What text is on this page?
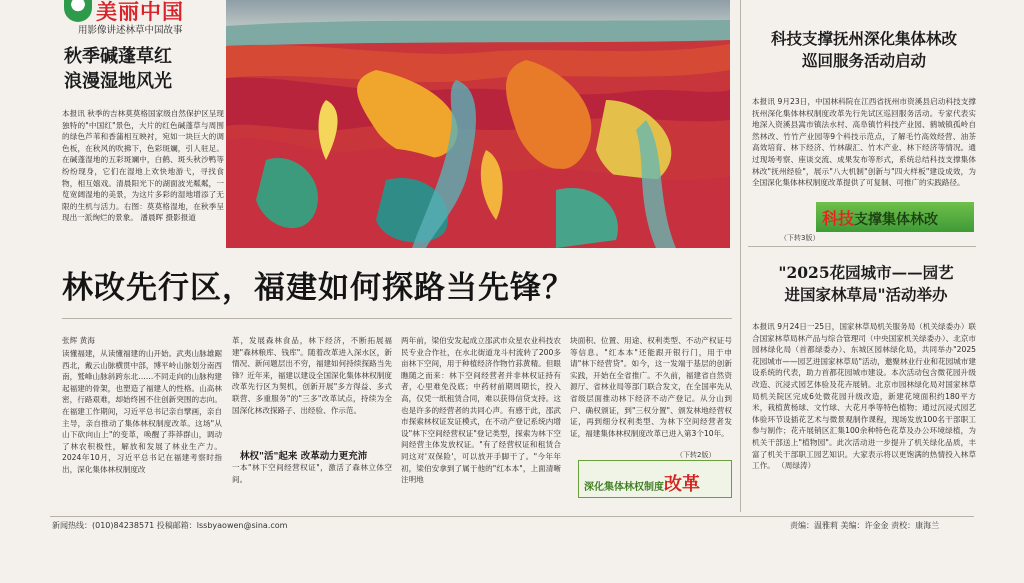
美丽中国
用影像讲述林草中国故事
秋季碱蓬草红
浪漫湿地风光
本报讯 秋季的吉林莫莫格国家级自然保护区呈现独特的"中国红"景色，大片的红色碱蓬草与周围的绿色芦苇和香蒲相互映衬，宛如一块巨大的调色板，在秋风的吹拂下，色彩斑斓，引人驻足。在碱蓬湿地的五彩斑斓中，白鹤、斑头秋沙鸭等纷纷现身，它们在湿地上欢快地游弋，寻找食物，相互嬉戏。清晨阳光下的湖面波光粼粼，一览宽阔湿地的美景，为这片多彩的湿地增添了无限的生机与活力。右图：莫莫格湿地，在秋季呈现出一派绚烂的景象。 潘晨晖 摄影报道
科技支撑抚州深化集体林改
巡回服务活动启动
本报讯 9月23日，中国林科院在江西省抚州市资溪县启动科技支撑抚州深化集体林权制度改革先行先试区巡回服务活动。专家代表实地深入资溪县嵩市镇法水村、高阜镇竹科技产业园、鹤城镇孤岭自然林改、竹竹产业园等9个科技示范点，了解毛竹高效经营、油茶高效培育、林下经济、竹林碳汇、竹木产业、林下经济等情况。通过现场考察、座谈交流、成果发布等形式，系统总结科技支撑集体林改"抚州经验"，展示"八大机制"创新与"四大样板"建设成效，为全国深化集体林权制度改革提供了可复制、可推广的实践路径。
科技支撑集体林改
（下转3版）
林改先行区，福建如何探路当先锋？
张辉 黄海
读懂福建，从读懂福建的山开始。武夷山脉雄踞西北，戴云山脉横贯中部，博平岭山脉划分南西南，鹫峰山脉斜跨东北……不同走向的山脉构建起福建的骨架，也塑造了福建人的性格。山高林密，行路艰难，却始终困不住创新突围的志向。在福建工作期间，习近平总书记亲自擘画，亲自主导，亲自推动了集体林权制度改革。这场"从山下砍向山上"的变革，唤醒了莽莽群山，调动了林农积极性，解放和发展了林业生产力。2024年10月，习近平总书记在福建考察时指出，深化集体林权制度改
革，发展森林食品，林下经济，不断拓展福建"森林粮库、钱库"。随着改革进入深水区，新情况、新问题层出不穷，福建如何持续探路当先锋？近年来，福建以建设全国深化集体林权制度改革先行区为契机，创新开展"多方得益、多式联营、多重服务"的"三多"改革试点，持续为全国深化林改探路子、出经验、作示范。
林权"活"起来 改革动力更充沛
一本"林下空间经营权证"，激活了森林立体空间。
两年前，梁伯安发起成立邵武市众星农业科技农民专业合作社，在水北街道龙斗村流转了200多亩林下空间，用于种植经济作物竹荪黄精。但眼瞧随之而来：林下空间经营者并非林权证持有者，心里难免没底；中药材前期周期长，投入高，仅凭一纸租赁合同，难以获得信贷支持。这也是许多的经营者的共同心声。有感于此，邵武市探索林权证发证模式，在不动产登记系统内增设"林下空间经营权证"登记类型，探索为林下空间经营主体发放权证。"有了经营权证和租赁合同这对'双保险'，可以放开手脚干了。"今年年初，梁伯安拿到了属于他的"红本本"，上面清晰注明地
块面积、位置、用途、权利类型、不动产权证号等信息。"红本本"还能跟开银行门，用于申请"林下经营贷"。如今，这一发端于基层的创新实践，开始在全省推广。不久前，福建省自然资源厅、省林业局等部门联合发文，在全国率先从省级层面推动林下经济不动产登记。从分山到户、确权颁证，到"三权分置"、颁发林地经营权证，再到细分权利类型、为林下空间经营者发证，福建集体林权制度改革已进入第3个10年。
（下转2版）
深化集体林权制度改革
"2025花园城市——园艺
进国家林草局"活动举办
本报讯 9月24日一25日，国家林草局机关服务局（机关绿委办）联合国家林草局林产品与综合管理司（中央国家机关绿委办）、北京市园林绿化局（首都绿委办）、东城区园林绿化局，共同举办"2025花园城市——园艺进国家林草局"活动，邀聚林业行业和花园城市建设系统的代表，助力首都花园城市建设。本次活动包含微花园升级改造、沉浸式园艺体验及花卉展销。北京市园林绿化局对国家林草局机关院区完成6处微花园升级改造，新建花境面积约180平方米，栽植黄杨球、文竹球、大花月季等特色植物；通过沉浸式园艺体验环节设插花艺术与微景观制作课程，现场发放100名干部职工参与制作；花卉展销区汇集100余种特色花草及办公环境绿植，为机关干部送上"植物园"。此次活动进一步提升了机关绿化品质，丰富了机关干部职工园艺知识。大家表示将以更饱满的热情投入林草工作。 （周绿涛）
新闻热线：(010)84238571 投稿邮箱：lssbyaowen@sina.com	责编：温雅莉 美编：许金金 责校：康海兰
